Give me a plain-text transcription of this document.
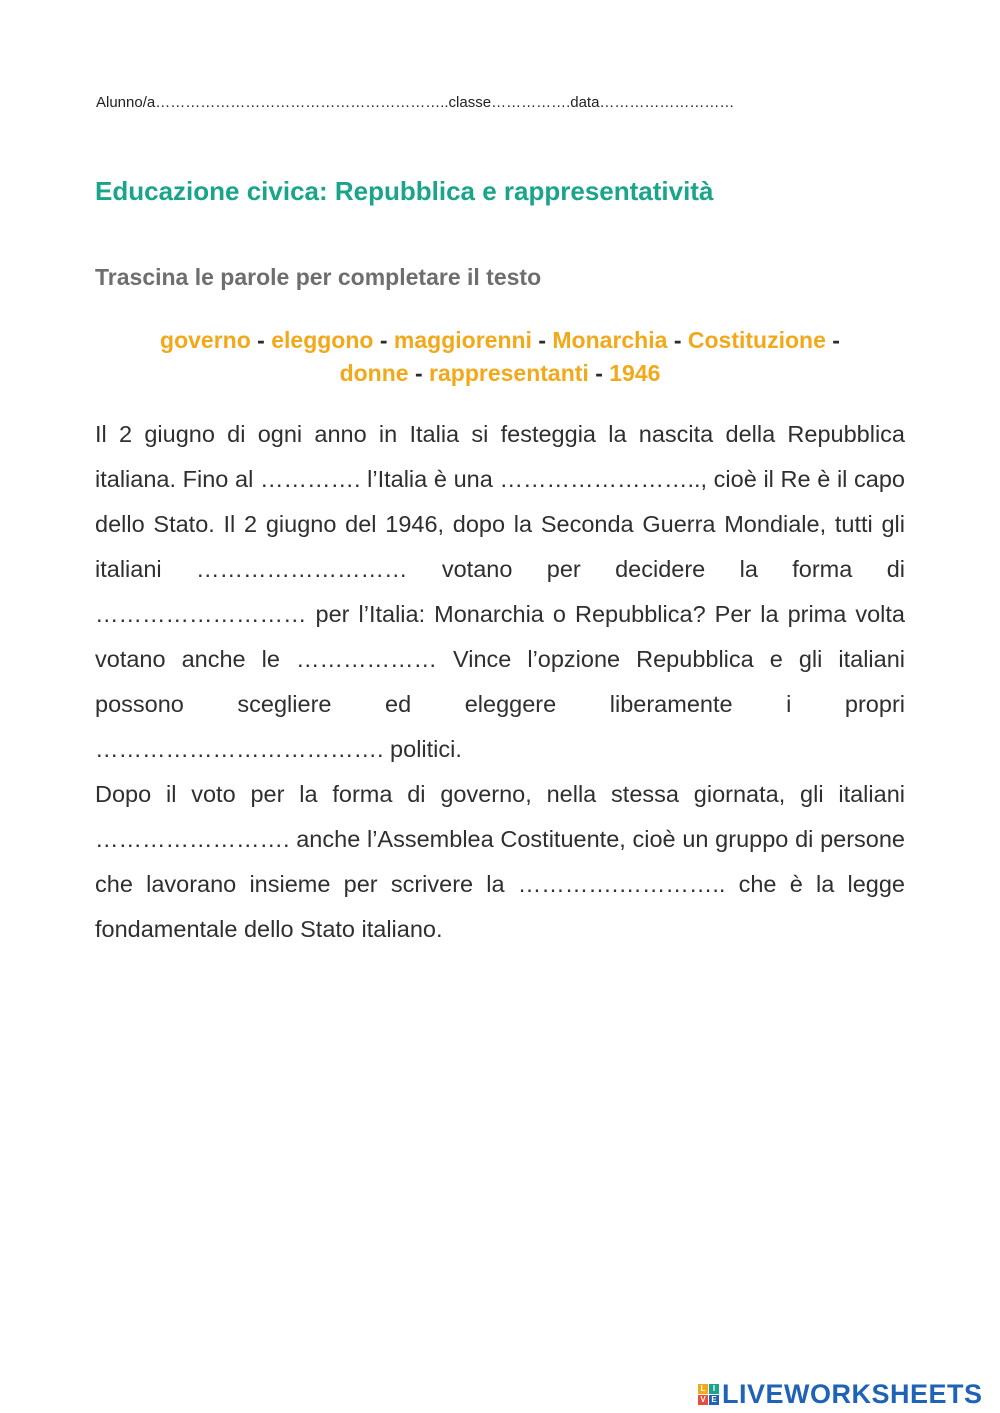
Alunno/a…………………………………………………..classe…………….data………………………
Educazione civica: Repubblica e rappresentatività
Trascina le parole per completare il testo
governo - eleggono - maggiorenni - Monarchia - Costituzione -
donne - rappresentanti - 1946

Il 2 giugno di ogni anno in Italia si festeggia la nascita della Repubblica italiana. Fino al …………. l’Italia è una …………………….., cioè il Re è il capo dello Stato. Il 2 giugno del 1946, dopo la Seconda Guerra Mondiale, tutti gli italiani ……………………… votano per decidere la forma di ……………………… per l’Italia: Monarchia o Repubblica? Per la prima volta votano anche le ……………… Vince l’opzione Repubblica e gli italiani possono scegliere ed eleggere liberamente i propri ………………………………. politici.

Dopo il voto per la forma di governo, nella stessa giornata, gli italiani ……………………. anche l’Assemblea Costituente, cioè un gruppo di persone che lavorano insieme per scrivere la ………….………….. che è la legge fondamentale dello Stato italiano.

L I
V E LIVEWORKSHEETS
